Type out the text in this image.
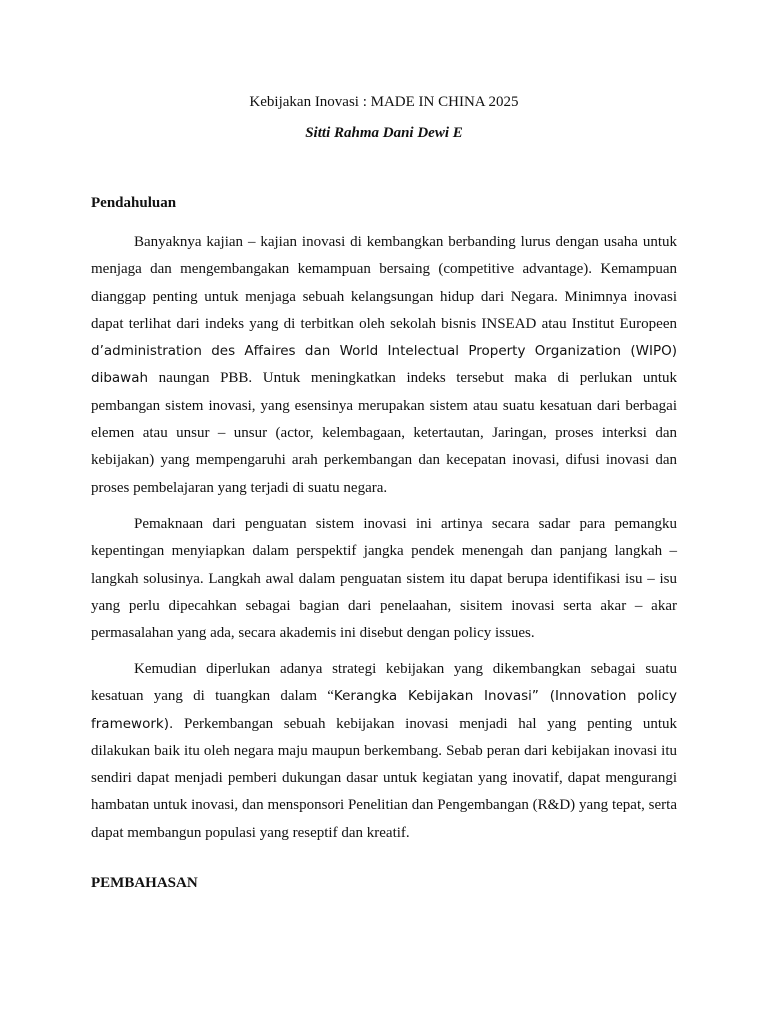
Kebijakan Inovasi : MADE IN CHINA 2025
Sitti Rahma Dani Dewi E
Pendahuluan

Banyaknya kajian – kajian inovasi di kembangkan berbanding lurus dengan usaha untuk menjaga dan mengembangakan kemampuan bersaing (competitive advantage). Kemampuan dianggap penting untuk menjaga sebuah kelangsungan hidup dari Negara. Minimnya inovasi dapat terlihat dari indeks yang di terbitkan oleh sekolah bisnis INSEAD atau Institut Europeen d’administration des Affaires dan World Intelectual Property Organization (WIPO) dibawah naungan PBB. Untuk meningkatkan indeks tersebut maka di perlukan untuk pembangan sistem inovasi, yang esensinya merupakan sistem atau suatu kesatuan dari berbagai elemen atau unsur – unsur (actor, kelembagaan, ketertautan, Jaringan, proses interksi dan kebijakan) yang mempengaruhi arah perkembangan dan kecepatan inovasi, difusi inovasi dan proses pembelajaran yang terjadi di suatu negara.

Pemaknaan dari penguatan sistem inovasi ini artinya secara sadar para pemangku kepentingan menyiapkan dalam perspektif jangka pendek menengah dan panjang langkah – langkah solusinya. Langkah awal dalam penguatan sistem itu dapat berupa identifikasi isu – isu yang perlu dipecahkan sebagai bagian dari penelaahan, sisitem inovasi serta akar – akar permasalahan yang ada, secara akademis ini disebut dengan policy issues.

Kemudian diperlukan adanya strategi kebijakan yang dikembangkan sebagai suatu kesatuan yang di tuangkan dalam “Kerangka Kebijakan Inovasi” (Innovation policy framework). Perkembangan sebuah kebijakan inovasi menjadi hal yang penting untuk dilakukan baik itu oleh negara maju maupun berkembang. Sebab peran dari kebijakan inovasi itu sendiri dapat menjadi pemberi dukungan dasar untuk kegiatan yang inovatif, dapat mengurangi hambatan untuk inovasi, dan mensponsori Penelitian dan Pengembangan (R&D) yang tepat, serta dapat membangun populasi yang reseptif dan kreatif.

PEMBAHASAN
